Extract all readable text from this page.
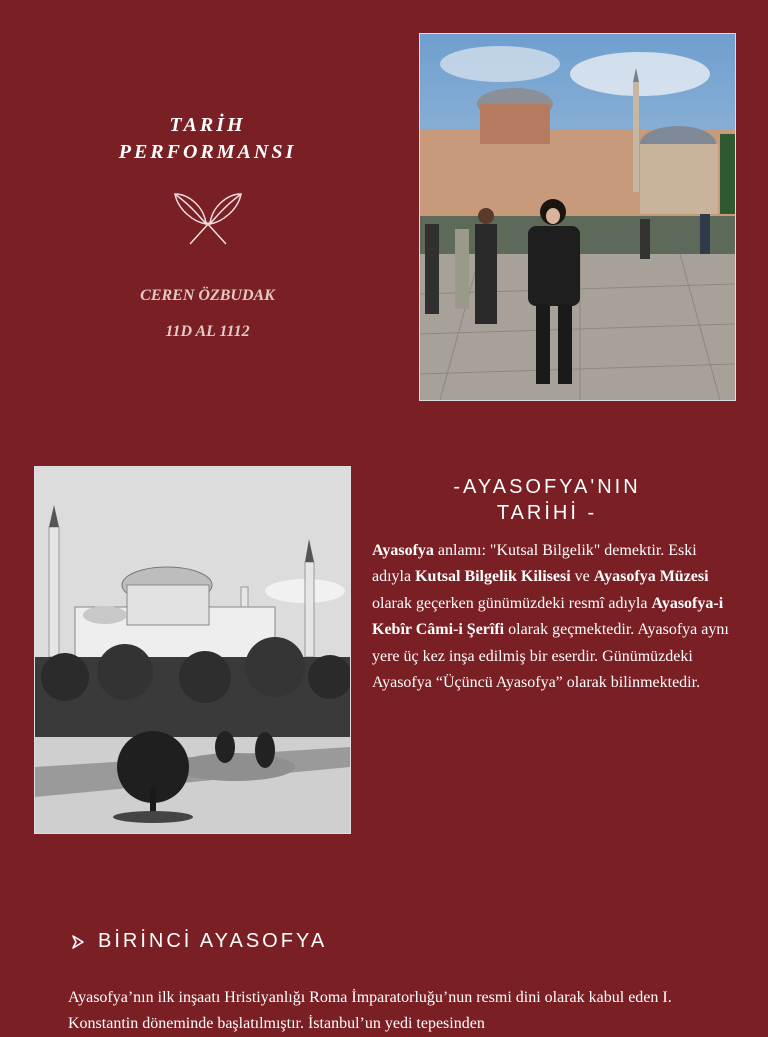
TARİH
PERFORMANSI
CEREN ÖZBUDAK
11D AL 1112
-AYASOFYA'NIN
TARİHİ -
Ayasofya anlamı: "Kutsal Bilgelik" demektir. Eski adıyla Kutsal Bilgelik Kilisesi ve Ayasofya Müzesi olarak geçerken günümüzdeki resmî adıyla Ayasofya-i Kebîr Câmi-i Şerîfi olarak geçmektedir. Ayasofya aynı yere üç kez inşa edilmiş bir eserdir. Günümüzdeki Ayasofya “Üçüncü Ayasofya” olarak bilinmektedir.
BİRİNCİ AYASOFYA
Ayasofya’nın ilk inşaatı Hristiyanlığı Roma İmparatorluğu’nun resmi dini olarak kabul eden I. Konstantin döneminde başlatılmıştır. İstanbul’un yedi tepesinden
